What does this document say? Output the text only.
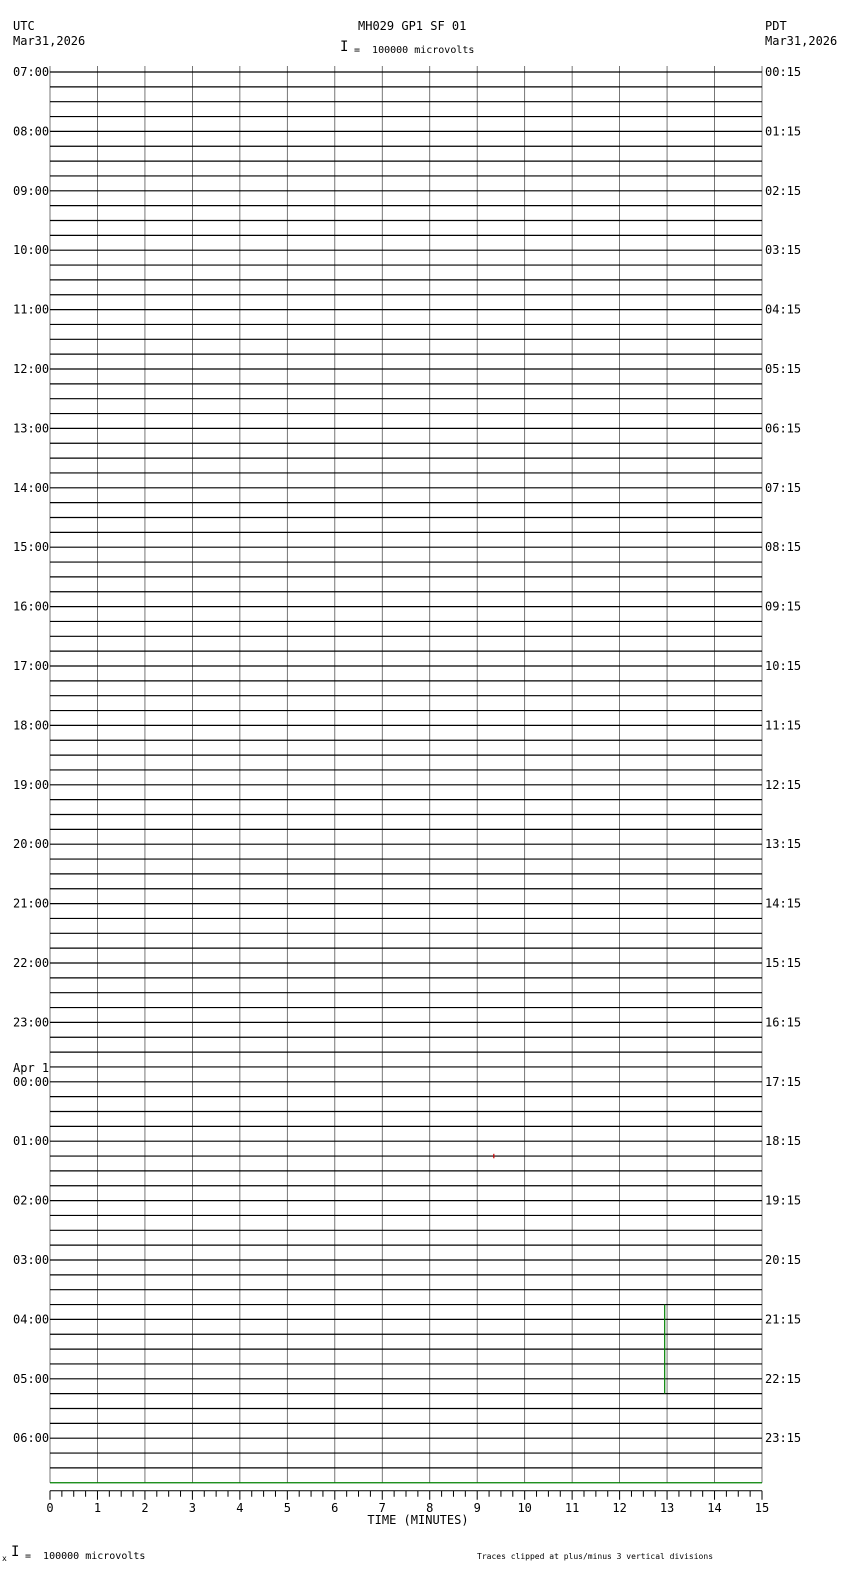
UTC
Mar31,2026
MH029 GP1 SF 01
I =  100000 microvolts
PDT
Mar31,2026
07:00
08:00
09:00
10:00
11:00
12:00
13:00
14:00
15:00
16:00
17:00
18:00
19:00
20:00
21:00
22:00
23:00
00:00
Apr 1
01:00
02:00
03:00
04:00
05:00
06:00
00:15
01:15
02:15
03:15
04:15
05:15
06:15
07:15
08:15
09:15
10:15
11:15
12:15
13:15
14:15
15:15
16:15
17:15
18:15
19:15
20:15
21:15
22:15
23:15
0	1	2	3	4	5	6	7	8	9	10	11	12	13	14	15
TIME (MINUTES)
x I =  100000 microvolts	Traces clipped at plus/minus 3 vertical divisions
